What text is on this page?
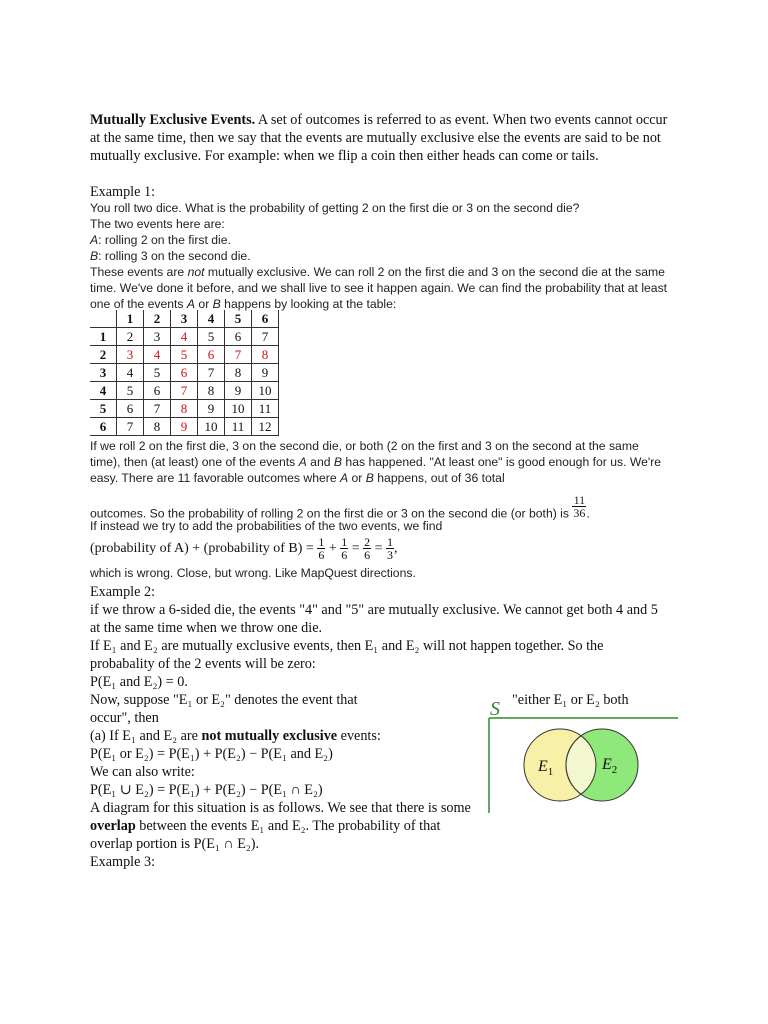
Mutually Exclusive Events. A set of outcomes is referred to as event. When two events cannot occur at the same time, then we say that the events are mutually exclusive else the events are said to be not mutually exclusive. For example: when we flip a coin then either heads can come or tails.
Example 1:

You roll two dice. What is the probability of getting 2 on the first die or 3 on the second die?

The two events here are:

A: rolling 2 on the first die.

B: rolling 3 on the second die.

These events are not mutually exclusive. We can roll 2 on the first die and 3 on the second die at the same time. We've done it before, and we shall live to see it happen again. We can find the probability that at least one of the events A or B happens by looking at the table:

	1	2	3	4	5	6
1	2	3	4	5	6	7
2	3	4	5	6	7	8
3	4	5	6	7	8	9
4	5	6	7	8	9	10
5	6	7	8	9	10	11
6	7	8	9	10	11	12

If we roll 2 on the first die, 3 on the second die, or both (2 on the first and 3 on the second at the same time), then (at least) one of the events A and B has happened. "At least one" is good enough for us. We're easy. There are 11 favorable outcomes where A or B happens, out of 36 total

outcomes. So the probability of rolling 2 on the first die or 3 on the second die (or both) is $\frac{11}{36}$ .
If instead we try to add the probabilities of the two events, we find
(probability of A) + (probability of $B) = \frac{1}{6} + \frac{1}{6} = \frac{2}{6} = \frac{1}{3}$ ,
which is wrong. Close, but wrong. Like MapQuest directions.
Example 2:
if we throw a 6-sided die, the events "4" and "5" are mutually exclusive. We cannot get both 4 and 5 at the same time when we throw one die.
If E₁ and E₂ are mutually exclusive events, then E₁ and E₂ will not happen together. So the probabality of the 2 events will be zero:
P(E₁ and E₂) = 0.
Now, suppose "E₁ or E₂" denotes the event that	"either E₁ or E₂ both

occur", then

(a) If E₁ and E₂ are not mutually exclusive events:

P(E₁ or E₂) = P(E₁) + P(E₂) − P(E₁ and E₂)

We can also write:

P(E₁ ∪ E₂) = P(E₁) + P(E₂) − P(E₁ ∩ E₂)

A diagram for this situation is as follows. We see that there is some overlap between the events E₁ and E₂. The probability of that overlap portion is P(E₁ ∩ E₂).

Example 3:

S
$E_1$	$E_2$
